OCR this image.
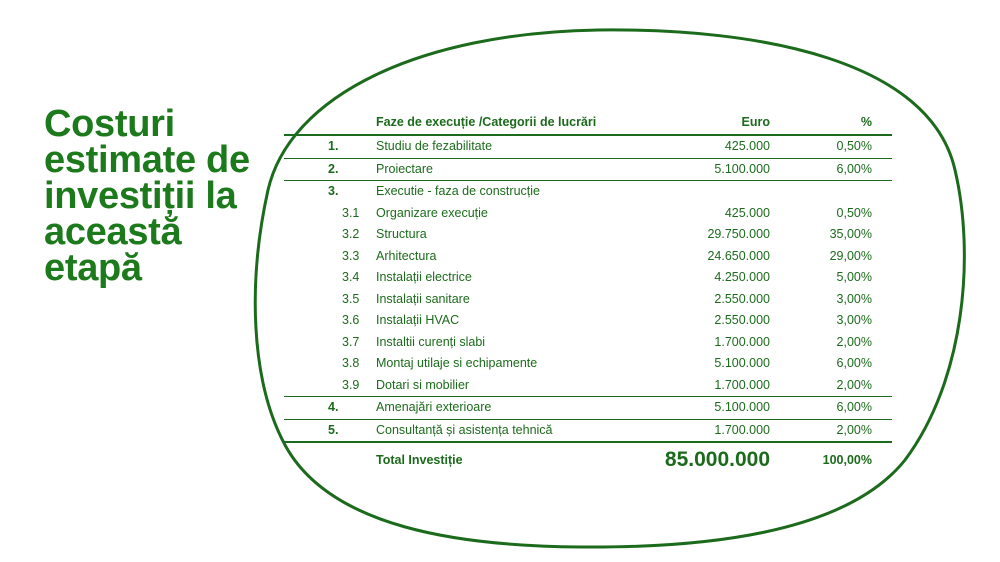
Costuri estimate de investiții la această etapă
Faze de execuție /Categorii de lucrări	Euro	%
1.	Studiu de fezabilitate	425.000	0,50%
2.	Proiectare	5.100.000	6,00%
3.	Executie - faza de construcție
3.1	Organizare execuție	425.000	0,50%
3.2	Structura	29.750.000	35,00%
3.3	Arhitectura	24.650.000	29,00%
3.4	Instalații electrice	4.250.000	5,00%
3.5	Instalații sanitare	2.550.000	3,00%
3.6	Instalații HVAC	2.550.000	3,00%
3.7	Instaltii curenți slabi	1.700.000	2,00%
3.8	Montaj utilaje si echipamente	5.100.000	6,00%
3.9	Dotari si mobilier	1.700.000	2,00%
4.	Amenajări exterioare	5.100.000	6,00%
5.	Consultanță și asistența tehnică	1.700.000	2,00%
Total Investiție	85.000.000	100,00%
